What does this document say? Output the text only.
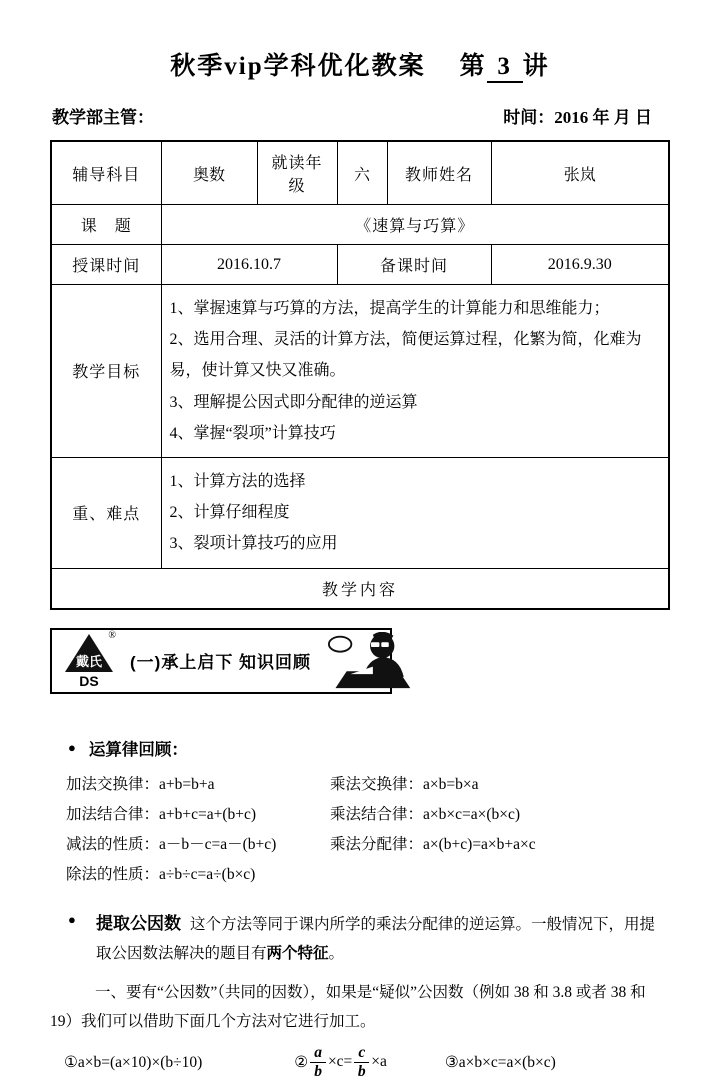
秋季vip学科优化教案 第 3 讲
教学部主管：	时间：2016 年 月 日
辅导科目	奥数	就读年级	六	教师姓名	张岚
课　题	《速算与巧算》				
授课时间	2016.10.7		备课时间		2016.9.30
教学目标	1、掌握速算与巧算的方法，提高学生的计算能力和思维能力；
2、选用合理、灵活的计算方法，简便运算过程，化繁为简，化难为易，使计算又快又准确。
3、理解提公因式即分配律的逆运算
4、掌握“裂项”计算技巧				

重、难点	1、计算方法的选择
2、计算仔细程度
3、裂项计算技巧的应用				

教学内容					
®
戴氏
DS
(一)承上启下 知识回顾
● 运算律回顾：
加法交换律：a+b=b+a	乘法交换律：a×b=b×a
加法结合律：a+b+c=a+(b+c)	乘法结合律：a×b×c=a×(b×c)
减法的性质：a－b－c=a－(b+c)	乘法分配律：a×(b+c)=a×b+a×c
除法的性质：a÷b÷c=a÷(b×c)
● 提取公因数 这个方法等同于课内所学的乘法分配律的逆运算。一般情况下，用提取公因数法解决的题目有两个特征。
一、要有“公因数”（共同的因数），如果是“疑似”公因数（例如 38 和 3.8 或者 38 和 19）我们可以借助下面几个方法对它进行加工。
①a×b=(a×10)×(b÷10)	② $\frac{a}{b} \times c= \frac{c}{b} \times a$	③a×b×c=a×(b×c)
